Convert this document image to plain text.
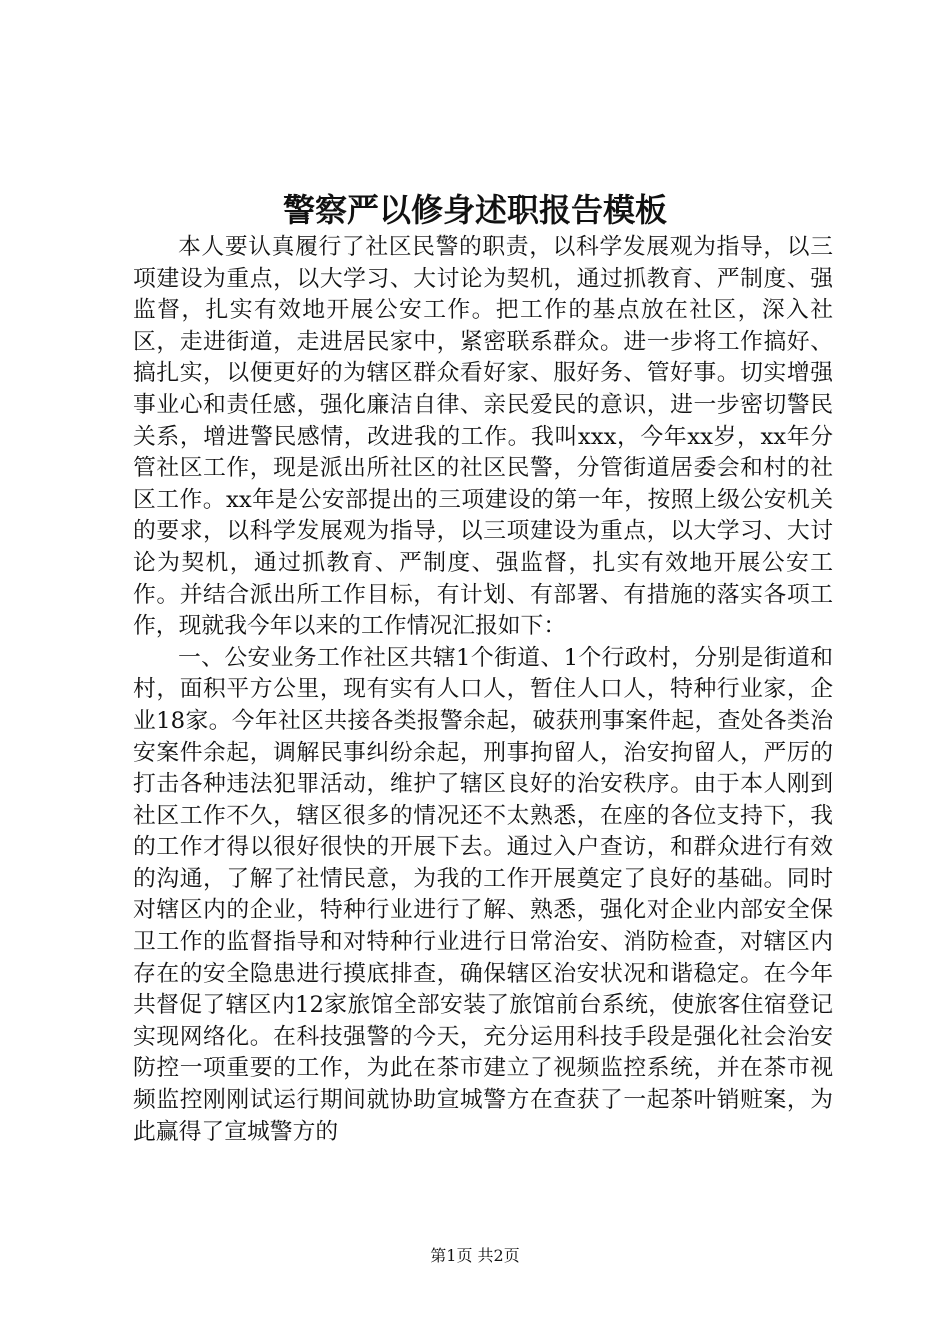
警察严以修身述职报告模板

本人要认真履行了社区民警的职责，以科学发展观为指导，以三项建设为重点，以大学习、大讨论为契机，通过抓教育、严制度、强监督，扎实有效地开展公安工作。把工作的基点放在社区，深入社区，走进街道，走进居民家中，紧密联系群众。进一步将工作搞好、搞扎实，以便更好的为辖区群众看好家、服好务、管好事。切实增强事业心和责任感，强化廉洁自律、亲民爱民的意识，进一步密切警民关系，增进警民感情，改进我的工作。我叫xxx，今年xx岁，xx年分管社区工作，现是派出所社区的社区民警，分管街道居委会和村的社区工作。xx年是公安部提出的三项建设的第一年，按照上级公安机关的要求，以科学发展观为指导，以三项建设为重点，以大学习、大讨论为契机，通过抓教育、严制度、强监督，扎实有效地开展公安工作。并结合派出所工作目标，有计划、有部署、有措施的落实各项工作，现就我今年以来的工作情况汇报如下：

一、公安业务工作社区共辖1个街道、1个行政村，分别是街道和村，面积平方公里，现有实有人口人，暂住人口人，特种行业家，企业18家。今年社区共接各类报警余起，破获刑事案件起，查处各类治安案件余起，调解民事纠纷余起，刑事拘留人，治安拘留人，严厉的打击各种违法犯罪活动，维护了辖区良好的治安秩序。由于本人刚到社区工作不久，辖区很多的情况还不太熟悉，在座的各位支持下，我的工作才得以很好很快的开展下去。通过入户查访，和群众进行有效的沟通，了解了社情民意，为我的工作开展奠定了良好的基础。同时对辖区内的企业，特种行业进行了解、熟悉，强化对企业内部安全保卫工作的监督指导和对特种行业进行日常治安、消防检查，对辖区内存在的安全隐患进行摸底排查，确保辖区治安状况和谐稳定。在今年共督促了辖区内12家旅馆全部安装了旅馆前台系统，使旅客住宿登记实现网络化。在科技强警的今天，充分运用科技手段是强化社会治安防控一项重要的工作，为此在茶市建立了视频监控系统，并在茶市视频监控刚刚试运行期间就协助宣城警方在查获了一起茶叶销赃案，为此赢得了宣城警方的

第1页 共2页
